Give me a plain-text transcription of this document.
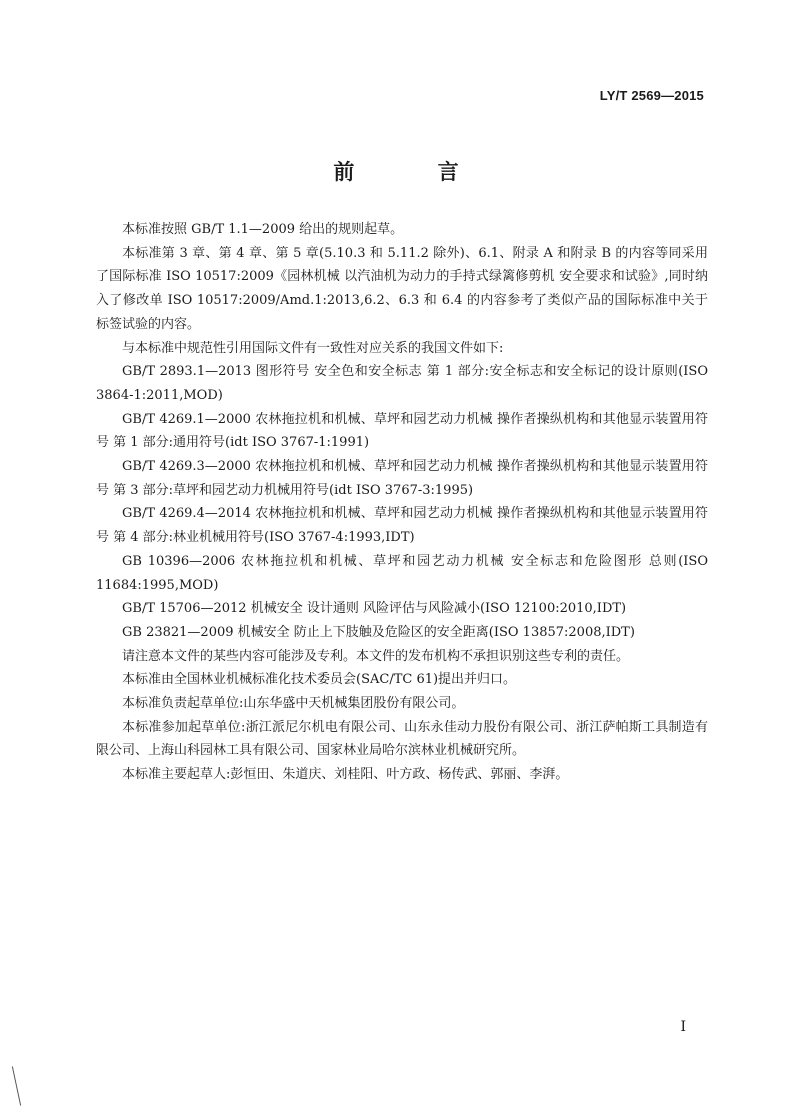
LY/T 2569—2015
前 言

本标准按照 GB/T 1.1—2009 给出的规则起草。

本标准第 3 章、第 4 章、第 5 章(5.10.3 和 5.11.2 除外)、6.1、附录 A 和附录 B 的内容等同采用了国际标准 ISO 10517:2009《园林机械 以汽油机为动力的手持式绿篱修剪机 安全要求和试验》,同时纳入了修改单 ISO 10517:2009/Amd.1:2013,6.2、6.3 和 6.4 的内容参考了类似产品的国际标准中关于标签试验的内容。

与本标准中规范性引用国际文件有一致性对应关系的我国文件如下:

GB/T 2893.1—2013 图形符号 安全色和安全标志 第 1 部分:安全标志和安全标记的设计原则(ISO 3864-1:2011,MOD)

GB/T 4269.1—2000 农林拖拉机和机械、草坪和园艺动力机械 操作者操纵机构和其他显示装置用符号 第 1 部分:通用符号(idt ISO 3767-1:1991)

GB/T 4269.3—2000 农林拖拉机和机械、草坪和园艺动力机械 操作者操纵机构和其他显示装置用符号 第 3 部分:草坪和园艺动力机械用符号(idt ISO 3767-3:1995)

GB/T 4269.4—2014 农林拖拉机和机械、草坪和园艺动力机械 操作者操纵机构和其他显示装置用符号 第 4 部分:林业机械用符号(ISO 3767-4:1993,IDT)

GB 10396—2006 农林拖拉机和机械、草坪和园艺动力机械 安全标志和危险图形 总则(ISO 11684:1995,MOD)

GB/T 15706—2012 机械安全 设计通则 风险评估与风险减小(ISO 12100:2010,IDT)

GB 23821—2009 机械安全 防止上下肢触及危险区的安全距离(ISO 13857:2008,IDT)

请注意本文件的某些内容可能涉及专利。本文件的发布机构不承担识别这些专利的责任。

本标准由全国林业机械标准化技术委员会(SAC/TC 61)提出并归口。

本标准负责起草单位:山东华盛中天机械集团股份有限公司。

本标准参加起草单位:浙江派尼尔机电有限公司、山东永佳动力股份有限公司、浙江萨帕斯工具制造有限公司、上海山科园林工具有限公司、国家林业局哈尔滨林业机械研究所。

本标准主要起草人:彭恒田、朱道庆、刘桂阳、叶方政、杨传武、郭丽、李湃。

I
